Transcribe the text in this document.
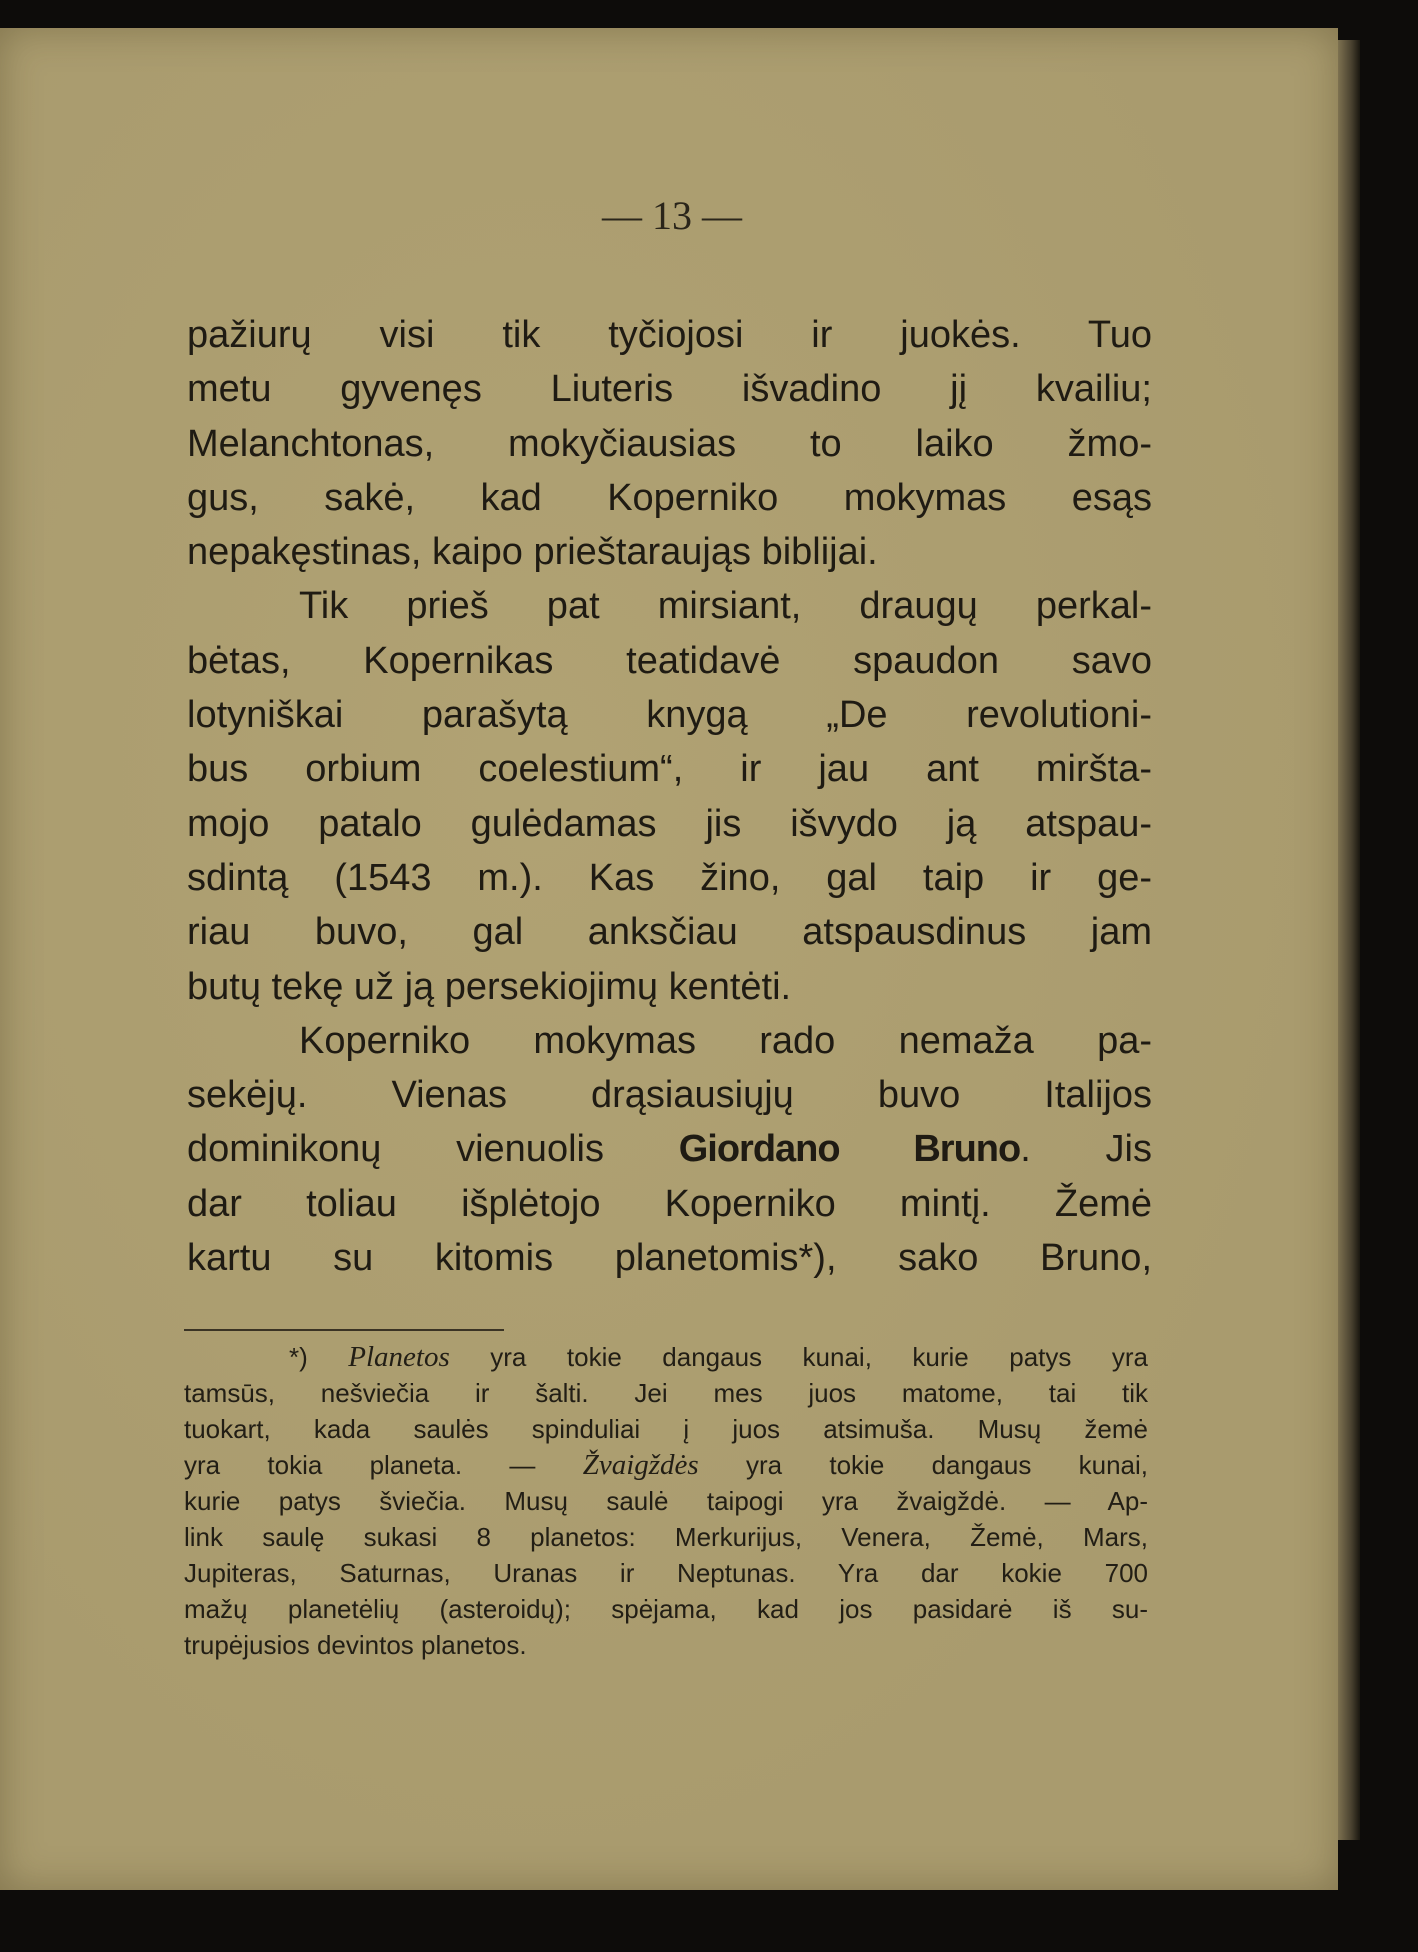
— 13 —
pažiurų visi tik tyčiojosi ir juokės. Tuo
metu gyvenęs Liuteris išvadino jį kvailiu;
Melanchtonas, mokyčiausias to laiko žmo-
gus, sakė, kad Koperniko mokymas esąs
nepakęstinas, kaipo prieštaraująs biblijai.
Tik prieš pat mirsiant, draugų perkal-
bėtas, Kopernikas teatidavė spaudon savo
lotyniškai parašytą knygą „De revolutioni-
bus orbium coelestium“, ir jau ant miršta-
mojo patalo gulėdamas jis išvydo ją atspau-
sdintą (1543 m.). Kas žino, gal taip ir ge-
riau buvo, gal anksčiau atspausdinus jam
butų tekę už ją persekiojimų kentėti.
Koperniko mokymas rado nemaža pa-
sekėjų. Vienas drąsiausiųjų buvo Italijos
dominikonų vienuolis Giordano Bruno. Jis
dar toliau išplėtojo Koperniko mintį. Žemė
kartu su kitomis planetomis*), sako Bruno,
*) Planetos yra tokie dangaus kunai, kurie patys yra
tamsūs, nešviečia ir šalti. Jei mes juos matome, tai tik
tuokart, kada saulės spinduliai į juos atsimuša. Musų žemė
yra tokia planeta. — Žvaigždės yra tokie dangaus kunai,
kurie patys šviečia. Musų saulė taipogi yra žvaigždė. — Ap-
link saulę sukasi 8 planetos: Merkurijus, Venera, Žemė, Mars,
Jupiteras, Saturnas, Uranas ir Neptunas. Yra dar kokie 700
mažų planetėlių (asteroidų); spėjama, kad jos pasidarė iš su-
trupėjusios devintos planetos.
